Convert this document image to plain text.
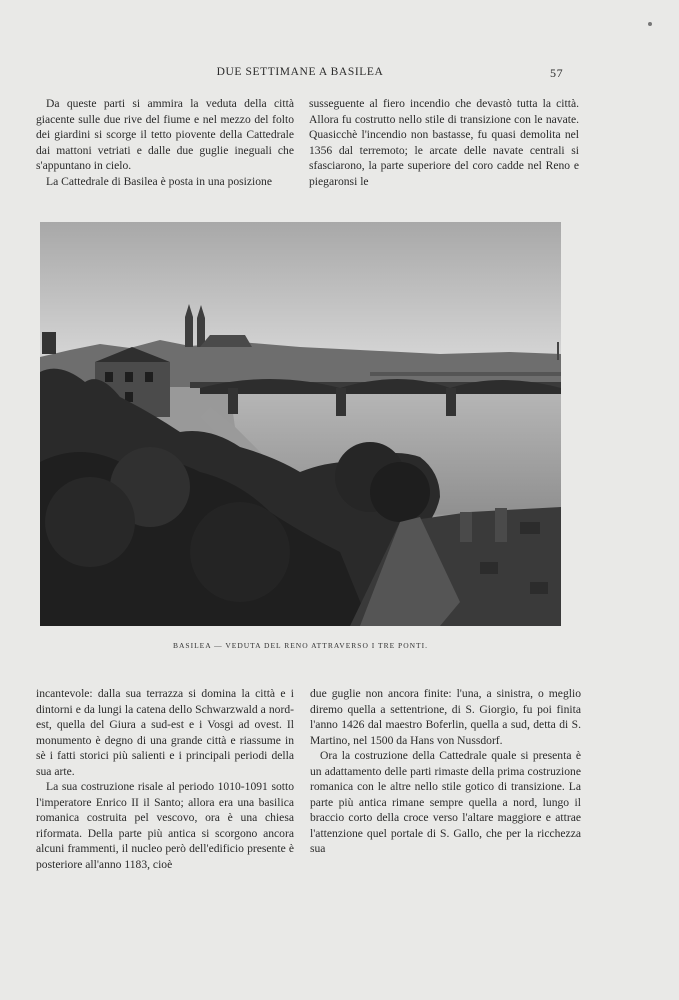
DUE SETTIMANE A BASILEA	57

Da queste parti si ammira la veduta della città giacente sulle due rive del fiume e nel mezzo del folto dei giardini si scorge il tetto piovente della Cattedrale dai mattoni vetriati e dalle due guglie ineguali che s'appuntano in cielo.

La Cattedrale di Basilea è posta in una posizione

susseguente al fiero incendio che devastò tutta la città. Allora fu costrutto nello stile di transizione con le navate. Quasicchè l'incendio non bastasse, fu quasi demolita nel 1356 dal terremoto; le arcate delle navate centrali si sfasciarono, la parte superiore del coro cadde nel Reno e piegaronsi le

BASILEA — VEDUTA DEL RENO ATTRAVERSO I TRE PONTI.

incantevole: dalla sua terrazza si domina la città e i dintorni e da lungi la catena dello Schwarzwald a nord-est, quella del Giura a sud-est e i Vosgi ad ovest. Il monumento è degno di una grande città e riassume in sè i fatti storici più salienti e i principali periodi della sua arte.

La sua costruzione risale al periodo 1010-1091 sotto l'imperatore Enrico II il Santo; allora era una basilica romanica costruita pel vescovo, ora è una chiesa riformata. Della parte più antica si scorgono ancora alcuni frammenti, il nucleo però dell'edificio presente è posteriore all'anno 1183, cioè

due guglie non ancora finite: l'una, a sinistra, o meglio diremo quella a settentrione, di S. Giorgio, fu poi finita l'anno 1426 dal maestro Boferlin, quella a sud, detta di S. Martino, nel 1500 da Hans von Nussdorf.

Ora la costruzione della Cattedrale quale si presenta è un adattamento delle parti rimaste della prima costruzione romanica con le altre nello stile gotico di transizione. La parte più antica rimane sempre quella a nord, lungo il braccio corto della croce verso l'altare maggiore e attrae l'attenzione quel portale di S. Gallo, che per la ricchezza sua
